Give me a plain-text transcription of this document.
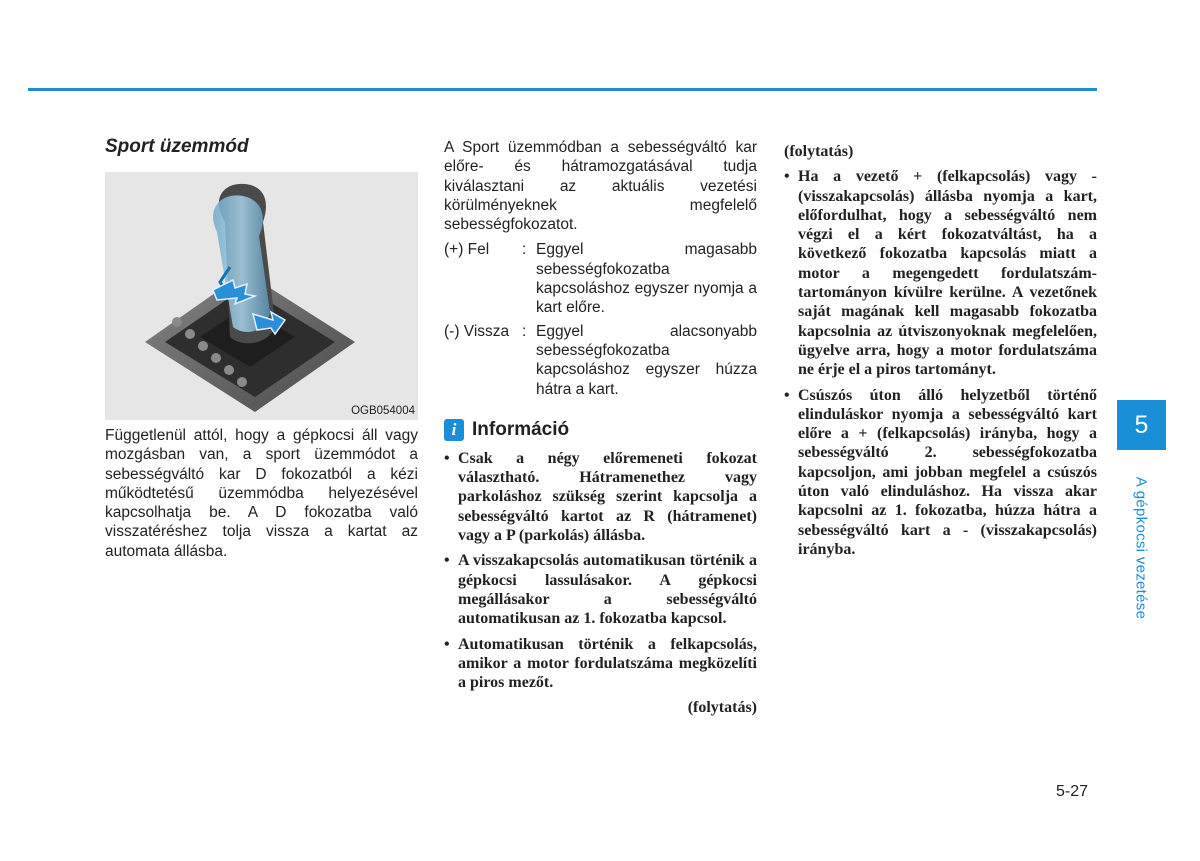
Sport üzemmód
OGB054004

Függetlenül attól, hogy a gépkocsi áll vagy mozgásban van, a sport üzemmódot a sebességváltó kar D fokozatból a kézi működtetésű üzemmódba helyezésével kapcsolhatja be. A D fokozatba való visszatéréshez tolja vissza a kartat az automata állásba.

A Sport üzemmódban a sebességváltó kar előre- és hátramozgatásával tudja kiválasztani az aktuális vezetési körülményeknek megfelelő sebességfokozatot.

(+) Fel	: Eggyel magasabb sebességfokozatba kapcsoláshoz egyszer nyomja a kart előre.
(-) Vissza : Eggyel alacsonyabb sebességfokozatba kapcsoláshoz egyszer húzza hátra a kart.
i Információ
• Csak a négy előremeneti fokozat választható. Hátramenethez vagy parkoláshoz szükség szerint kapcsolja a sebességváltó kartot az R (hátramenet) vagy a P (parkolás) állásba.
• A visszakapcsolás automatikusan történik a gépkocsi lassulásakor. A gépkocsi megállásakor a sebességváltó automatikusan az 1. fokozatba kapcsol.
• Automatikusan történik a felkapcsolás, amikor a motor fordulatszáma megközelíti a piros mezőt.
(folytatás)
(folytatás)
• Ha a vezető + (felkapcsolás) vagy - (visszakapcsolás) állásba nyomja a kart, előfordulhat, hogy a sebességváltó nem végzi el a kért fokozatváltást, ha a következő fokozatba kapcsolás miatt a motor a megengedett fordulatszám-tartományon kívülre kerülne. A vezetőnek saját magának kell magasabb fokozatba kapcsolnia az útviszonyoknak megfelelően, ügyelve arra, hogy a motor fordulatszáma ne érje el a piros tartományt.
• Csúszós úton álló helyzetből történő elinduláskor nyomja a sebességváltó kart előre a + (felkapcsolás) irányba, hogy a sebességváltó 2. sebességfokozatba kapcsoljon, ami jobban megfelel a csúszós úton való elinduláshoz. Ha vissza akar kapcsolni az 1. fokozatba, húzza hátra a sebességváltó kart a - (visszakapcsolás) irányba.
5
A gépkocsi vezetése
5-27
